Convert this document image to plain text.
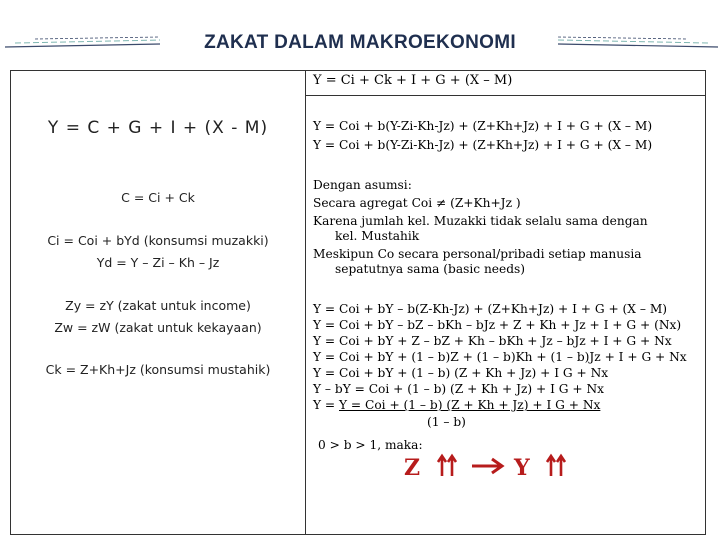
ZAKAT DALAM MAKROEKONOMI
Y = Ci + Ck + I + G + (X – M)
Y = C + G + I + (X - M)
C = Ci + Ck
Ci = Coi + bYd (konsumsi muzakki)
Yd = Y – Zi – Kh – Jz
Zy = zY (zakat untuk income)
Zw = zW (zakat untuk kekayaan)
Ck = Z+Kh+Jz (konsumsi mustahik)
Y = Coi + b(Y-Zi-Kh-Jz) + (Z+Kh+Jz) + I + G + (X – M)
Y = Coi + b(Y-Zi-Kh-Jz) + (Z+Kh+Jz) + I + G + (X – M)
Dengan asumsi:
Secara agregat Coi ≠ (Z+Kh+Jz )
Karena jumlah kel. Muzakki tidak selalu sama dengan
kel. Mustahik
Meskipun Co secara personal/pribadi setiap manusia
sepatutnya sama (basic needs)
Y = Coi + bY – b(Z-Kh-Jz) + (Z+Kh+Jz) + I + G + (X – M)
Y = Coi + bY – bZ – bKh – bJz + Z + Kh + Jz + I + G + (Nx)
Y = Coi + bY + Z – bZ + Kh – bKh + Jz – bJz + I + G + Nx
Y = Coi + bY + (1 – b)Z + (1 – b)Kh + (1 – b)Jz + I + G + Nx
Y = Coi + bY + (1 – b) (Z + Kh + Jz) + I G + Nx
Y – bY = Coi + (1 – b) (Z + Kh + Jz) + I G + Nx
Y = Y = Coi + (1 – b) (Z + Kh + Jz) + I G + Nx
(1 – b)
0 > b > 1, maka:
Z	Y
